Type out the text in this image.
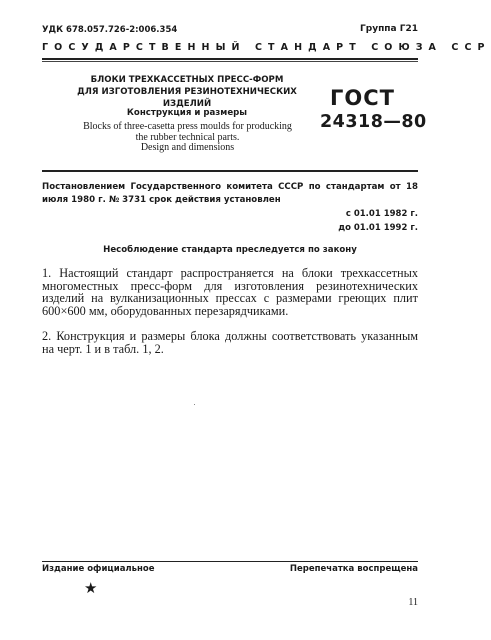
УДК 678.057.726-2:006.354	Группа Г21
ГОСУДАРСТВЕННЫЙ СТАНДАРТ СОЮЗА ССР
БЛОКИ ТРЕХКАССЕТНЫХ ПРЕСС-ФОРМ
ДЛЯ ИЗГОТОВЛЕНИЯ РЕЗИНОТЕХНИЧЕСКИХ
ИЗДЕЛИЙ
Конструкция и размеры
Blocks of three-casetta press moulds for producking
the rubber technical parts.
Design and dimensions
ГОСТ
24318—80
Постановлением Государственного комитета СССР по стандартам от 18 июля 1980 г. № 3731 срок действия установлен
с 01.01 1982 г.
до 01.01 1992 г.
Несоблюдение стандарта преследуется по закону
1. Настоящий стандарт распространяется на блоки трехкассетных многоместных пресс-форм для изготовления резинотехнических изделий на вулканизационных прессах с размерами греющих плит 600×600 мм, оборудованных перезарядчиками.
2. Конструкция и размеры блока должны соответствовать указанным на черт. 1 и в табл. 1, 2.
Издание официальное	Перепечатка воспрещена
★
11
